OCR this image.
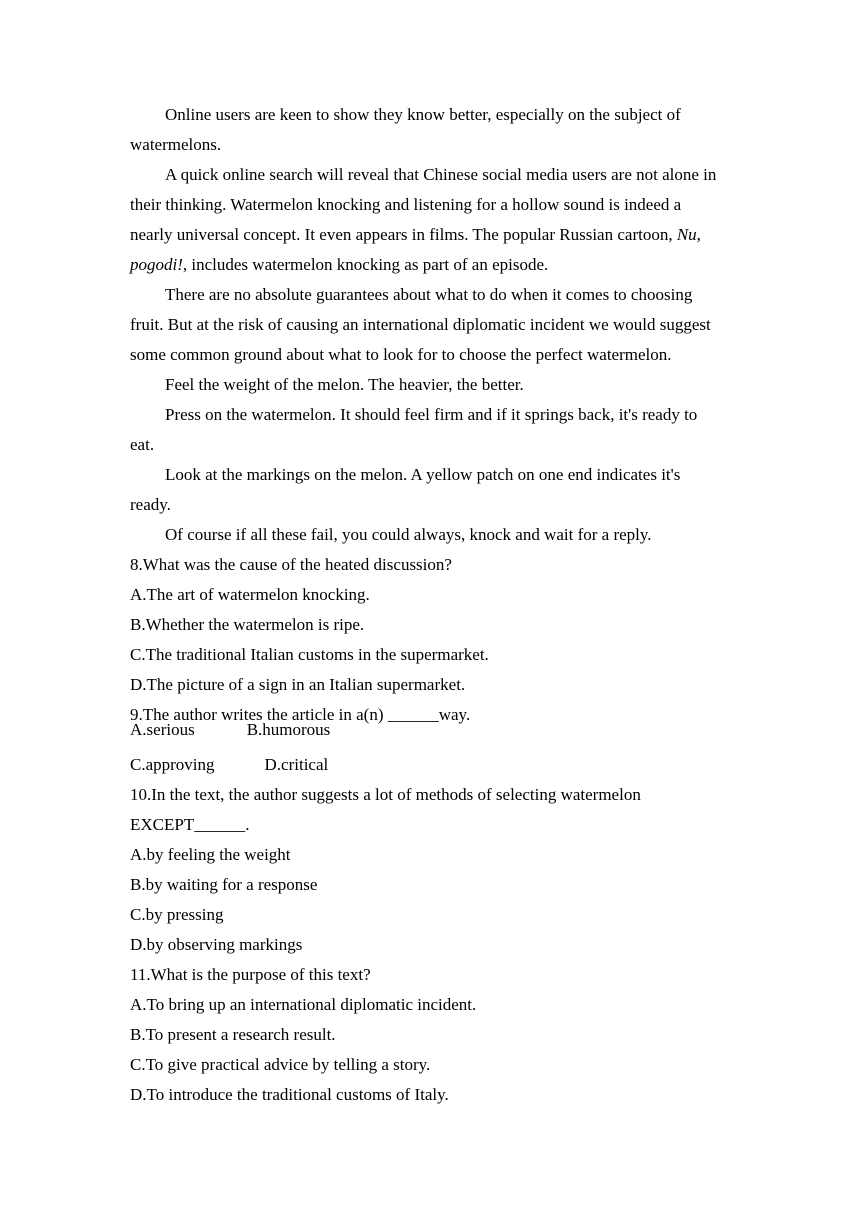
Online users are keen to show they know better, especially on the subject of
watermelons.
A quick online search will reveal that Chinese social media users are not alone in
their thinking. Watermelon knocking and listening for a hollow sound is indeed a
nearly universal concept. It even appears in films. The popular Russian cartoon, Nu,
pogodi!, includes watermelon knocking as part of an episode.
There are no absolute guarantees about what to do when it comes to choosing
fruit. But at the risk of causing an international diplomatic incident we would suggest
some common ground about what to look for to choose the perfect watermelon.
Feel the weight of the melon. The heavier, the better.
Press on the watermelon. It should feel firm and if it springs back, it's ready to
eat.
Look at the markings on the melon. A yellow patch on one end indicates it's
ready.
Of course if all these fail, you could always, knock and wait for a reply.
8.What was the cause of the heated discussion?
A.The art of watermelon knocking.
B.Whether the watermelon is ripe.
C.The traditional Italian customs in the supermarket.
D.The picture of a sign in an Italian supermarket.
9.The author writes the article in a(n) ______way.
A.serious	B.humorous
C.approving	D.critical
10.In the text, the author suggests a lot of methods of selecting watermelon
EXCEPT______.
A.by feeling the weight
B.by waiting for a response
C.by pressing
D.by observing markings
11.What is the purpose of this text?
A.To bring up an international diplomatic incident.
B.To present a research result.
C.To give practical advice by telling a story.
D.To introduce the traditional customs of Italy.
